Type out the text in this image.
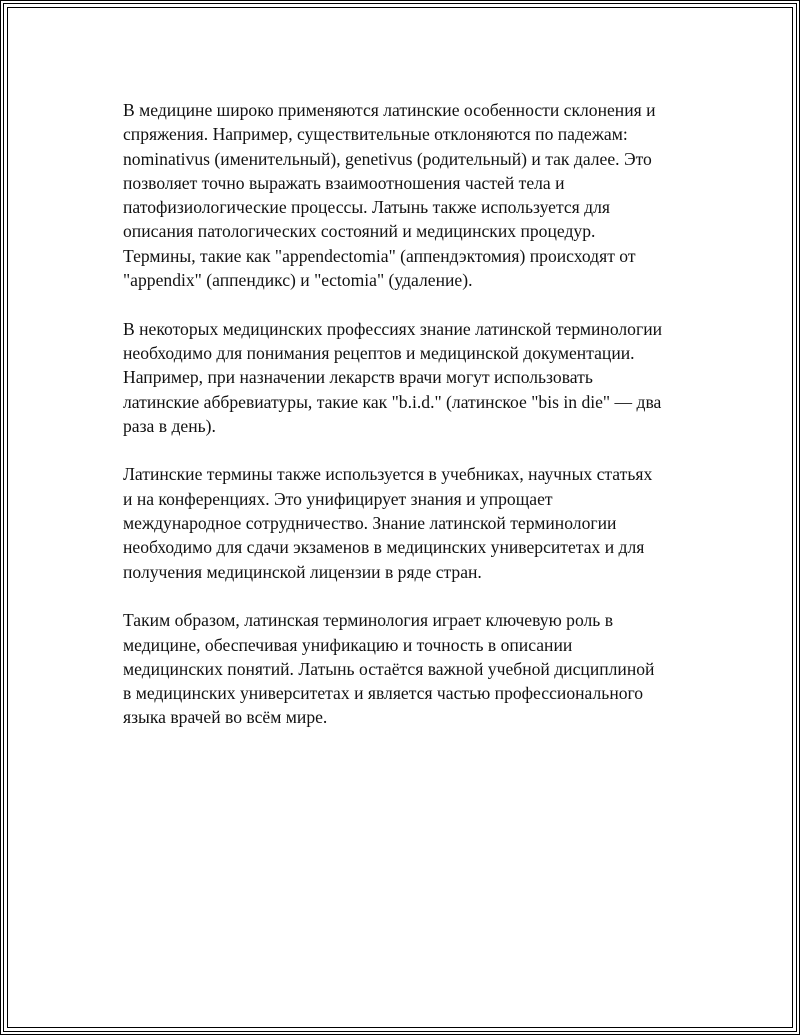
В медицине широко применяются латинские особенности склонения и
спряжения. Например, существительные отклоняются по падежам:
nominativus (именительный), genetivus (родительный) и так далее. Это
позволяет точно выражать взаимоотношения частей тела и
патофизиологические процессы. Латынь также используется для
описания патологических состояний и медицинских процедур.
Термины, такие как "appendectomia" (аппендэктомия) происходят от
"appendix" (аппендикс) и "ectomia" (удаление).

В некоторых медицинских профессиях знание латинской терминологии
необходимо для понимания рецептов и медицинской документации.
Например, при назначении лекарств врачи могут использовать
латинские аббревиатуры, такие как "b.i.d." (латинское "bis in die" — два
раза в день).

Латинские термины также используется в учебниках, научных статьях
и на конференциях. Это унифицирует знания и упрощает
международное сотрудничество. Знание латинской терминологии
необходимо для сдачи экзаменов в медицинских университетах и для
получения медицинской лицензии в ряде стран.

Таким образом, латинская терминология играет ключевую роль в
медицине, обеспечивая унификацию и точность в описании
медицинских понятий. Латынь остаётся важной учебной дисциплиной
в медицинских университетах и является частью профессионального
языка врачей во всём мире.
